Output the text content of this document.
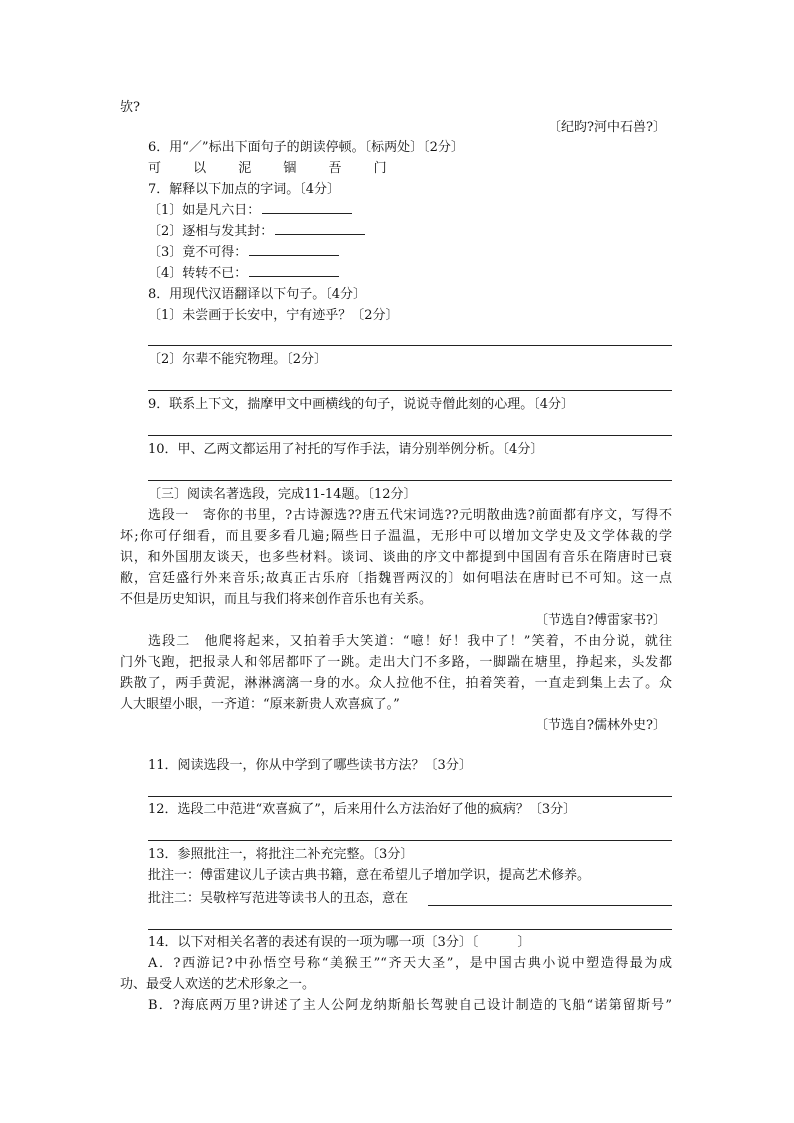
欤?
〔纪昀?河中石兽?〕
6．用“／”标出下面句子的朗读停顿。〔标两处〕〔2分〕
可 以 泥 锢 吾 门
7．解释以下加点的字词。〔4分〕
〔1〕如是凡六日：
〔2〕逐相与发其封：
〔3〕竟不可得：
〔4〕转转不已：
8．用现代汉语翻译以下句子。〔4分〕
〔1〕未尝画于长安中，宁有迹乎？〔2分〕
〔2〕尔辈不能究物理。〔2分〕
9．联系上下文，揣摩甲文中画横线的句子，说说寺僧此刻的心理。〔4分〕
10．甲、乙两文都运用了衬托的写作手法，请分别举例分析。〔4分〕
〔三〕阅读名著选段，完成11-14题。〔12分〕
选段一　寄你的书里，?古诗源选??唐五代宋词选??元明散曲选?前面都有序文，写得不
坏;你可仔细看，而且要多看几遍;隔些日子温温，无形中可以增加文学史及文学体裁的学
识，和外国朋友谈天，也多些材料。谈词、谈曲的序文中都提到中国固有音乐在隋唐时已衰
敝，宫廷盛行外来音乐;故真正古乐府〔指魏晋两汉的〕如何唱法在唐时已不可知。这一点
不但是历史知识，而且与我们将来创作音乐也有关系。
〔节选自?傅雷家书?〕
选段二　他爬将起来，又拍着手大笑道：“噫！好！我中了！”笑着，不由分说，就往
门外飞跑，把报录人和邻居都吓了一跳。走出大门不多路，一脚踹在塘里，挣起来，头发都
跌散了，两手黄泥，淋淋漓漓一身的水。众人拉他不住，拍着笑着，一直走到集上去了。众
人大眼望小眼，一齐道：“原来新贵人欢喜疯了。”
〔节选自?儒林外史?〕
11．阅读选段一，你从中学到了哪些读书方法？〔3分〕
12．选段二中范进“欢喜疯了”，后来用什么方法治好了他的疯病？〔3分〕
13．参照批注一，将批注二补充完整。〔3分〕
批注一：傅雷建议儿子读古典书籍，意在希望儿子增加学识，提高艺术修养。
批注二：吴敬梓写范进等读书人的丑态，意在
14．以下对相关名著的表述有误的一项为哪一项〔3分〕〔　　　〕
A．?西游记?中孙悟空号称“美猴王”“齐天大圣”，是中国古典小说中塑造得最为成
功、最受人欢送的艺术形象之一。
B．?海底两万里?讲述了主人公阿龙纳斯船长驾驶自己设计制造的飞船“诺第留斯号”
